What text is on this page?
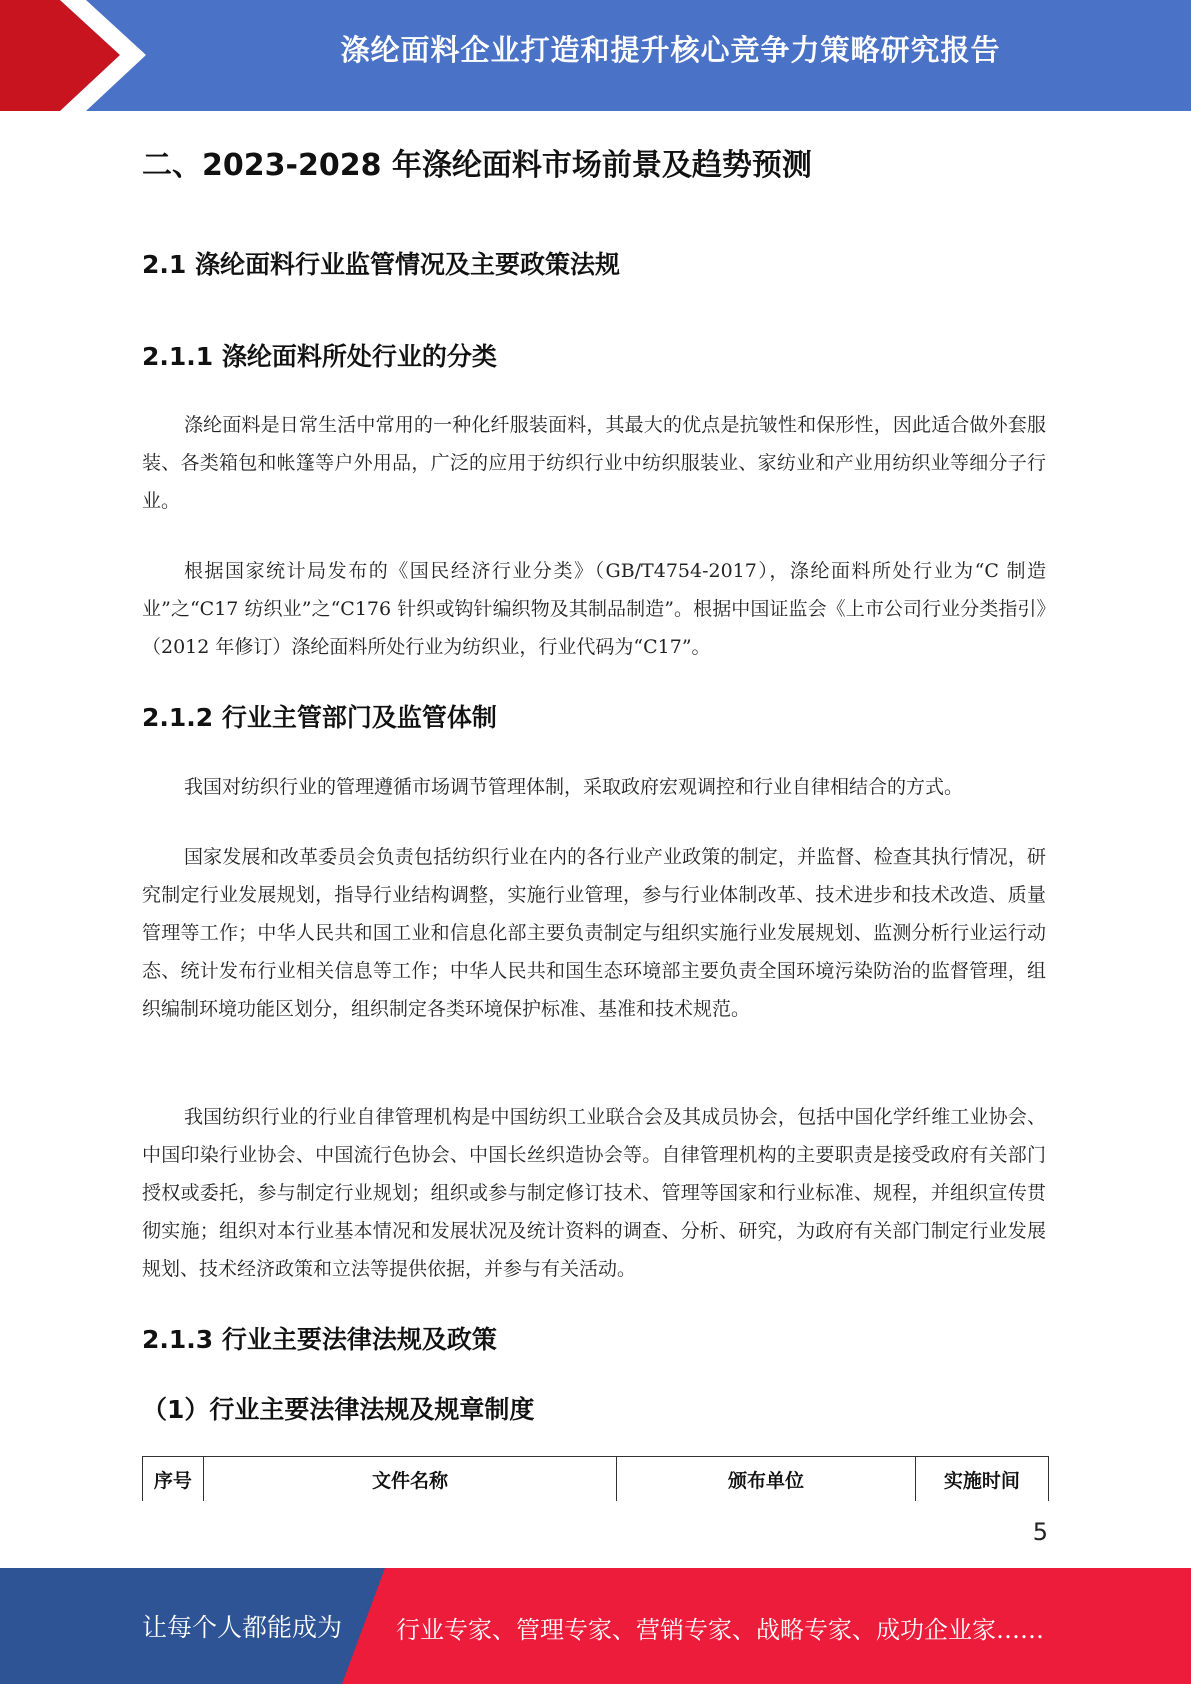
涤纶面料企业打造和提升核心竞争力策略研究报告
二、2023-2028 年涤纶面料市场前景及趋势预测
2.1 涤纶面料行业监管情况及主要政策法规
2.1.1 涤纶面料所处行业的分类
涤纶面料是日常生活中常用的一种化纤服装面料，其最大的优点是抗皱性和保形性，因此适合做外套服装、各类箱包和帐篷等户外用品，广泛的应用于纺织行业中纺织服装业、家纺业和产业用纺织业等细分子行业。
根据国家统计局发布的《国民经济行业分类》（GB/T4754-2017），涤纶面料所处行业为“C 制造业”之“C17 纺织业”之“C176 针织或钩针编织物及其制品制造”。根据中国证监会《上市公司行业分类指引》（2012 年修订）涤纶面料所处行业为纺织业，行业代码为“C17”。
2.1.2 行业主管部门及监管体制
我国对纺织行业的管理遵循市场调节管理体制，采取政府宏观调控和行业自律相结合的方式。
国家发展和改革委员会负责包括纺织行业在内的各行业产业政策的制定，并监督、检查其执行情况，研究制定行业发展规划，指导行业结构调整，实施行业管理，参与行业体制改革、技术进步和技术改造、质量管理等工作；中华人民共和国工业和信息化部主要负责制定与组织实施行业发展规划、监测分析行业运行动态、统计发布行业相关信息等工作；中华人民共和国生态环境部主要负责全国环境污染防治的监督管理，组织编制环境功能区划分，组织制定各类环境保护标准、基准和技术规范。
我国纺织行业的行业自律管理机构是中国纺织工业联合会及其成员协会，包括中国化学纤维工业协会、中国印染行业协会、中国流行色协会、中国长丝织造协会等。自律管理机构的主要职责是接受政府有关部门授权或委托，参与制定行业规划；组织或参与制定修订技术、管理等国家和行业标准、规程，并组织宣传贯彻实施；组织对本行业基本情况和发展状况及统计资料的调查、分析、研究，为政府有关部门制定行业发展规划、技术经济政策和立法等提供依据，并参与有关活动。
2.1.3 行业主要法律法规及政策
（1）行业主要法律法规及规章制度
序号	文件名称	颁布单位	实施时间
5
让每个人都能成为 行业专家、管理专家、营销专家、战略专家、成功企业家……
